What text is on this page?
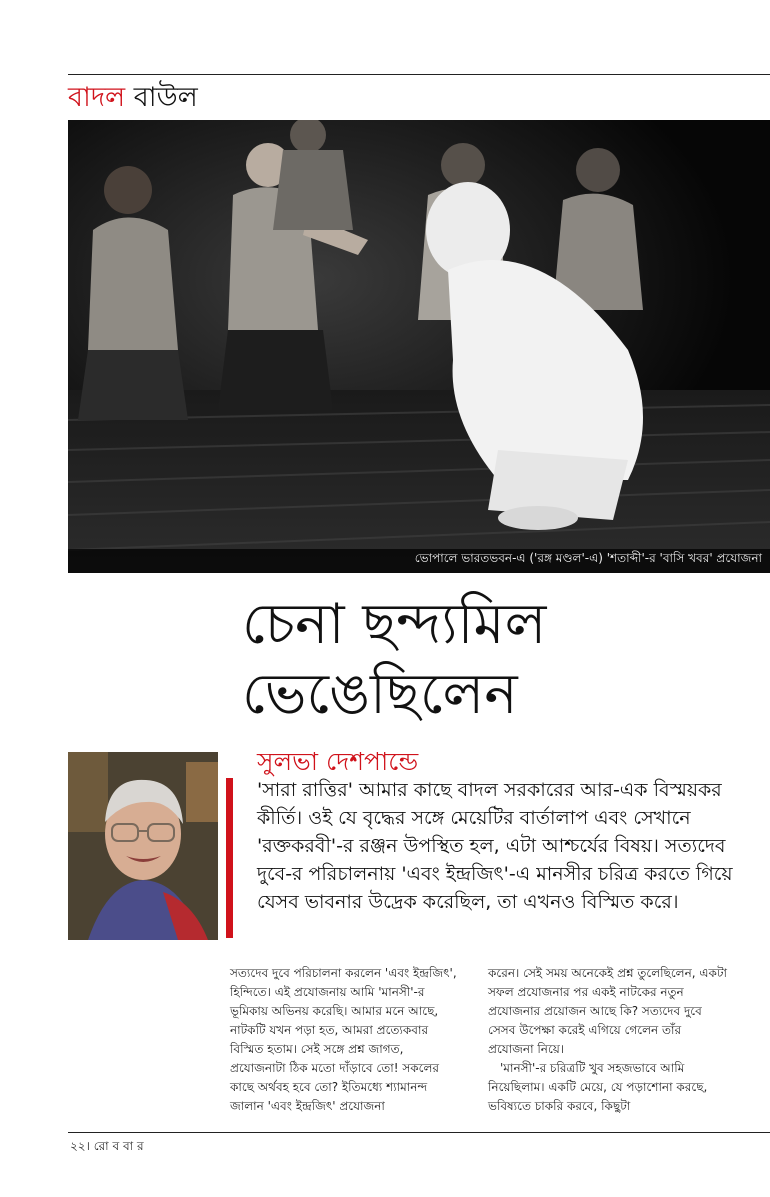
বাদল বাউল
ভোপালে ভারতভবন-এ ('রঙ্গ মণ্ডল'-এ) 'শতাব্দী'-র 'বাসি খবর' প্রযোজনা
চেনা ছন্দ্যমিল
ভেঙেছিলেন
সুলভা দেশপান্ডে
'সারা রাত্তির' আমার কাছে বাদল সরকারের আর-এক বিস্ময়কর কীর্তি। ওই যে বৃদ্ধের সঙ্গে মেয়েটির বার্তালাপ এবং সেখানে 'রক্তকরবী'-র রঞ্জন উপস্থিত হল, এটা আশ্চর্যের বিষয়। সত্যদেব দুবে-র পরিচালনায় 'এবং ইন্দ্রজিৎ'-এ মানসীর চরিত্র করতে গিয়ে যেসব ভাবনার উদ্রেক করেছিল, তা এখনও বিস্মিত করে।

সত্যদেব দুবে পরিচালনা করলেন 'এবং ইন্দ্রজিৎ', হিন্দিতে। এই প্রযোজনায় আমি 'মানসী'-র ভূমিকায় অভিনয় করেছি। আমার মনে আছে, নাটকটি যখন পড়া হত, আমরা প্রত্যেকবার বিস্মিত হতাম। সেই সঙ্গে প্রশ্ন জাগত, প্রযোজনাটা ঠিক মতো দাঁড়াবে তো! সকলের কাছে অর্থবহ হবে তো? ইতিমধ্যে শ্যামানন্দ জালান 'এবং ইন্দ্রজিৎ' প্রযোজনা

করেন। সেই সময় অনেকেই প্রশ্ন তুলেছিলেন, একটা সফল প্রযোজনার পর একই নাটকের নতুন প্রযোজনার প্রয়োজন আছে কি? সত্যদেব দুবে সেসব উপেক্ষা করেই এগিয়ে গেলেন তাঁর প্রযোজনা নিয়ে।

'মানসী'-র চরিত্রটি খুব সহজভাবে আমি নিয়েছিলাম। একটি মেয়ে, যে পড়াশোনা করছে, ভবিষ্যতে চাকরি করবে, কিছুটা

২২। রো ব বা র
